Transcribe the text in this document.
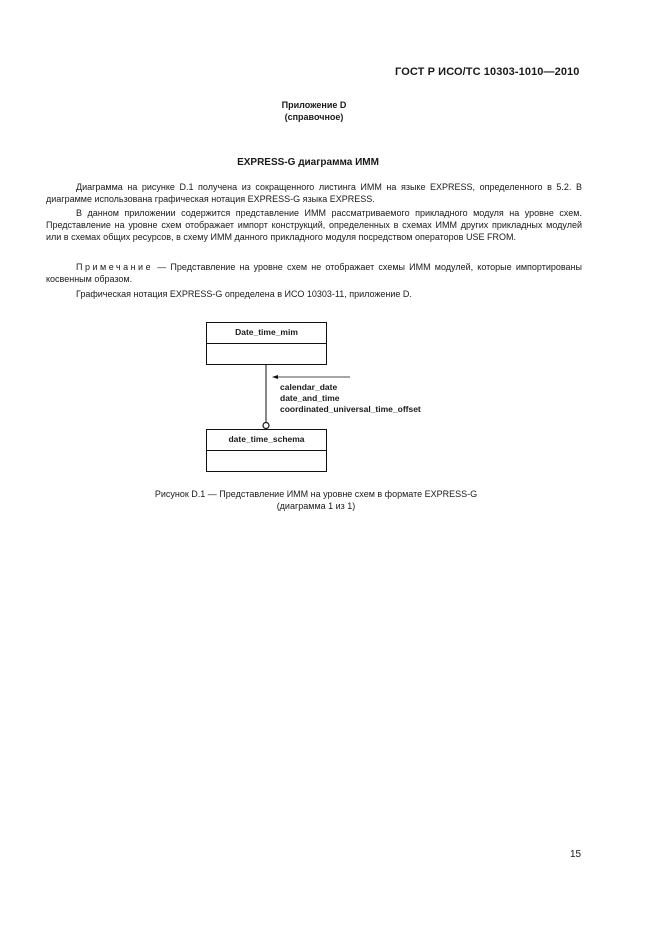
ГОСТ Р ИСО/ТС 10303-1010—2010
Приложение D
(справочное)
EXPRESS-G диаграмма ИММ

Диаграмма на рисунке D.1 получена из сокращенного листинга ИММ на языке EXPRESS, определенного в 5.2. В диаграмме использована графическая нотация EXPRESS-G языка EXPRESS.

В данном приложении содержится представление ИММ рассматриваемого прикладного модуля на уровне схем. Представление на уровне схем отображает импорт конструкций, определенных в схемах ИММ других прикладных модулей или в схемах общих ресурсов, в схему ИММ данного прикладного модуля посредством операторов USE FROM.

Примечание — Представление на уровне схем не отображает схемы ИММ модулей, которые импортированы косвенным образом.

Графическая нотация EXPRESS-G определена в ИСО 10303-11, приложение D.

Date_time_mim
calendar_date
date_and_time
coordinated_universal_time_offset
date_time_schema
Рисунок D.1 — Представление ИММ на уровне схем в формате EXPRESS-G
(диаграмма 1 из 1)
15
